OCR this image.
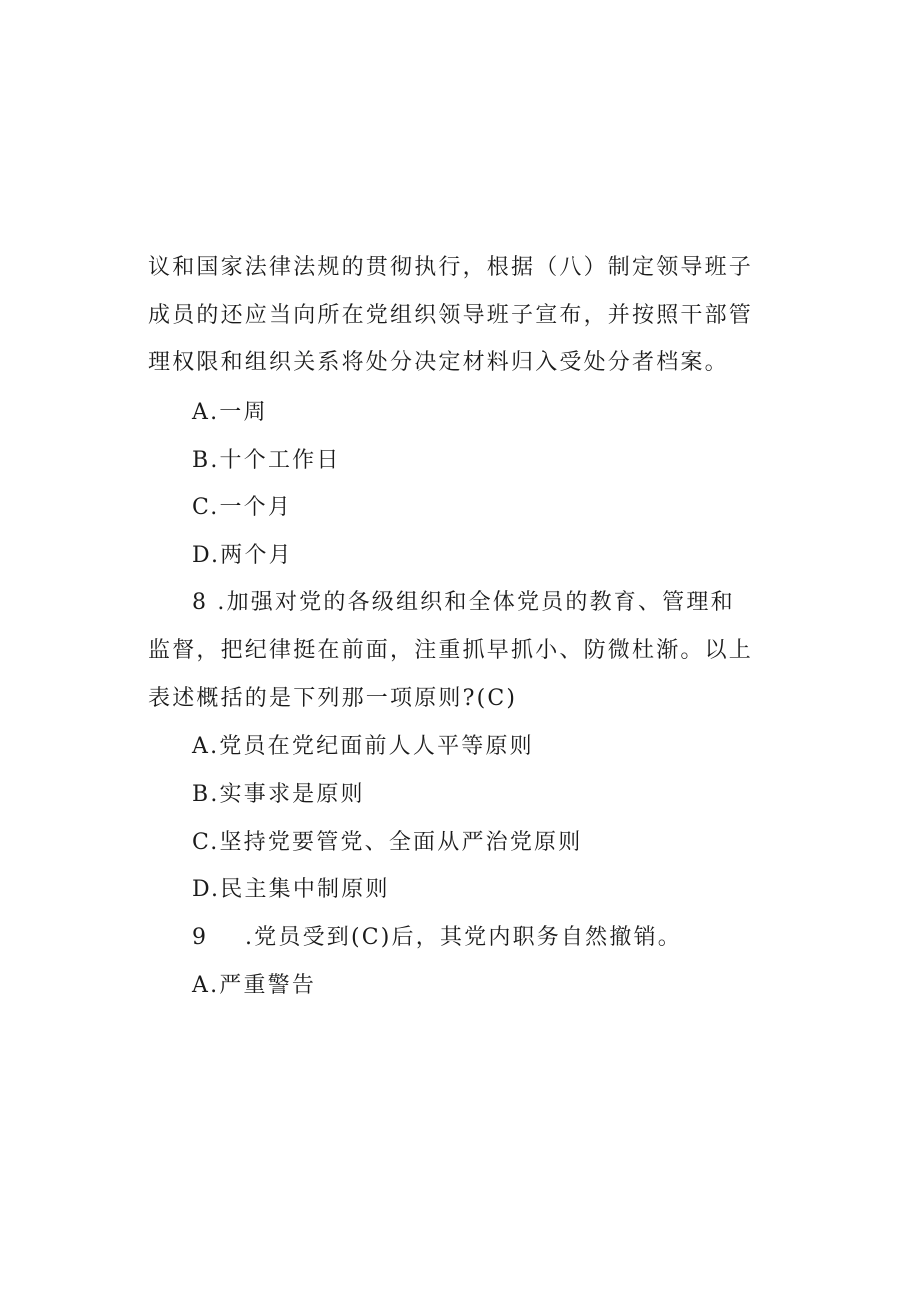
议和国家法律法规的贯彻执行，根据（八）制定领导班子
成员的还应当向所在党组织领导班子宣布，并按照干部管
理权限和组织关系将处分决定材料归入受处分者档案。
A.一周
B.十个工作日
C.一个月
D.两个月
8 .加强对党的各级组织和全体党员的教育、管理和
监督，把纪律挺在前面，注重抓早抓小、防微杜渐。以上
表述概括的是下列那一项原则?(C)
A.党员在党纪面前人人平等原则
B.实事求是原则
C.坚持党要管党、全面从严治党原则
D.民主集中制原则
9    .党员受到(C)后，其党内职务自然撤销。
A.严重警告
